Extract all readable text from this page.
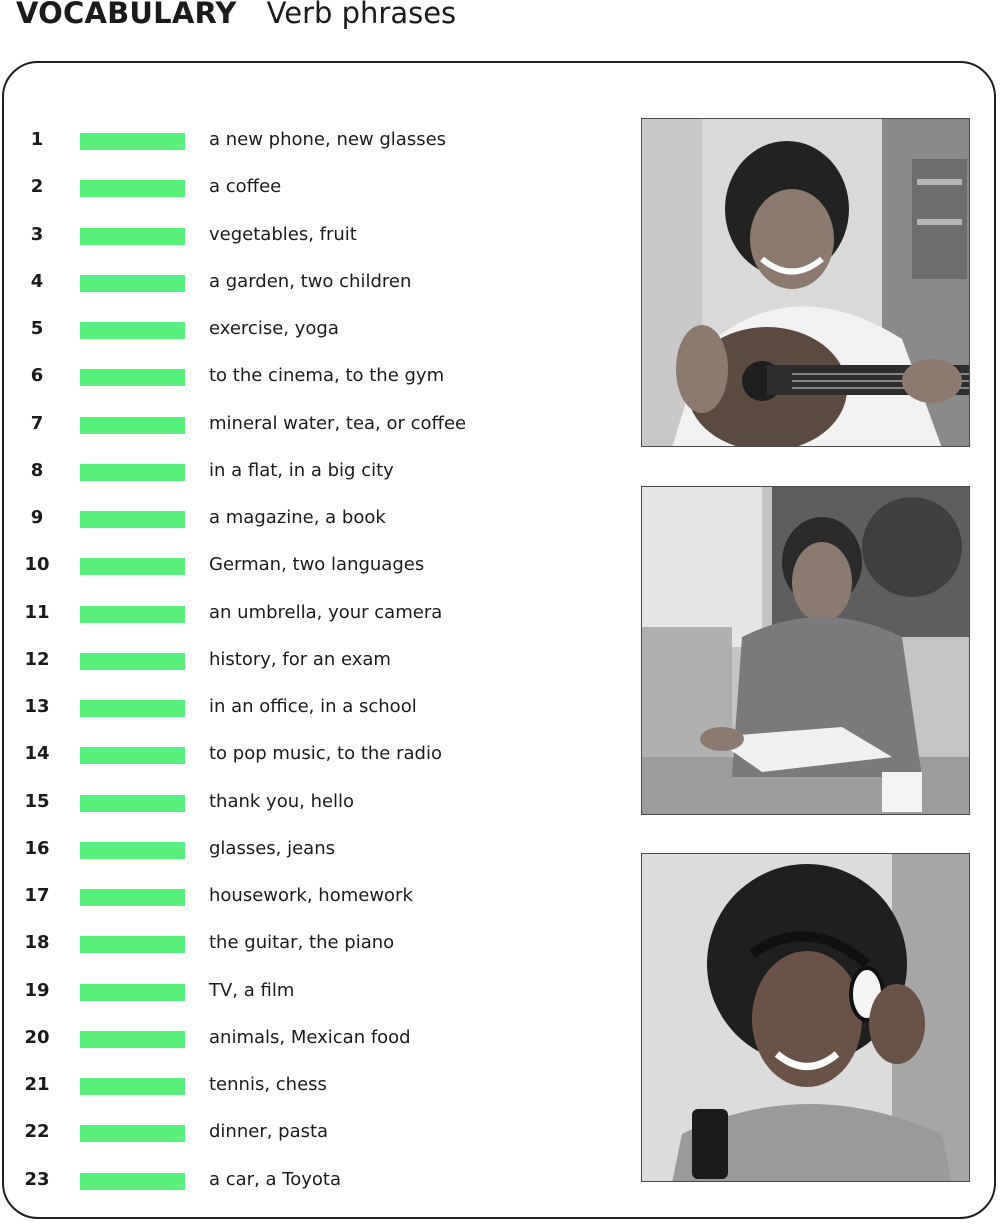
VOCABULARY Verb phrases
1	a new phone, new glasses
2	a coffee
3	vegetables, fruit
4	a garden, two children
5	exercise, yoga
6	to the cinema, to the gym
7	mineral water, tea, or coffee
8	in a flat, in a big city
9	a magazine, a book
10	German, two languages
11	an umbrella, your camera
12	history, for an exam
13	in an office, in a school
14	to pop music, to the radio
15	thank you, hello
16	glasses, jeans
17	housework, homework
18	the guitar, the piano
19	TV, a film
20	animals, Mexican food
21	tennis, chess
22	dinner, pasta
23	a car, a Toyota
